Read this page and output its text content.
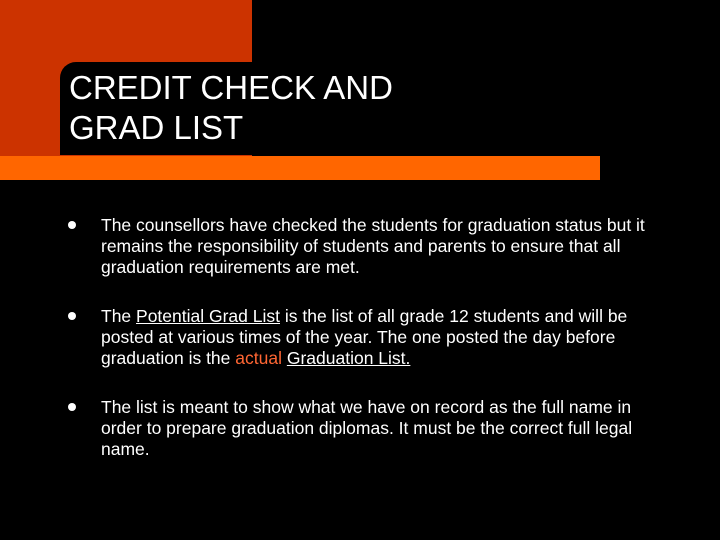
CREDIT CHECK AND
GRAD LIST
The counsellors have checked the students for graduation status but it remains the responsibility of students and parents to ensure that all graduation requirements are met.
The Potential Grad List is the list of all grade 12 students and will be posted at various times of the year. The one posted the day before graduation is the actual Graduation List.
The list is meant to show what we have on record as the full name in order to prepare graduation diplomas. It must be the correct full legal name.
